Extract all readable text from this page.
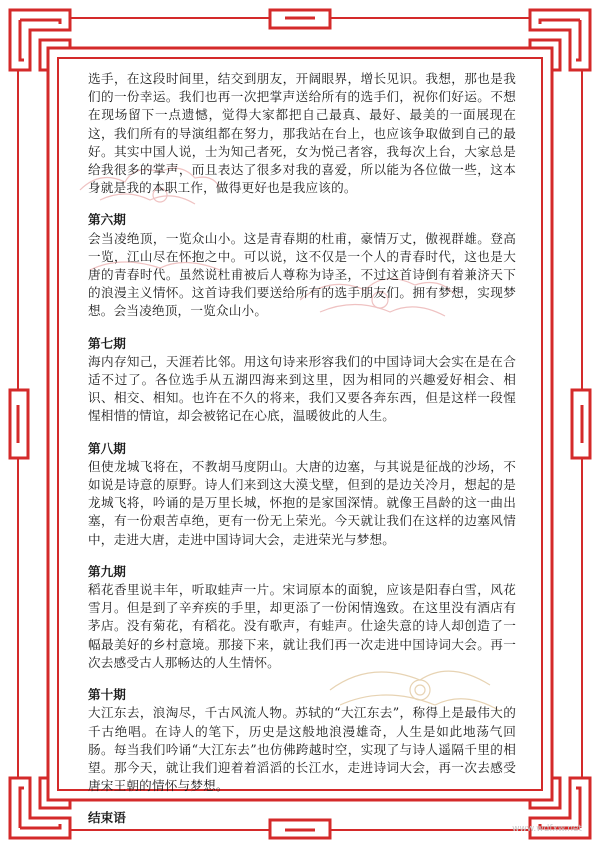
选手，在这段时间里，结交到朋友，开阔眼界，增长见识。我想，那也是我们的一份幸运。我们也再一次把掌声送给所有的选手们，祝你们好运。不想在现场留下一点遗憾，觉得大家都把自己最真、最好、最美的一面展现在这，我们所有的导演组都在努力，那我站在台上，也应该争取做到自己的最好。其实中国人说，士为知己者死，女为悦己者容，我每次上台，大家总是给我很多的掌声，而且表达了很多对我的喜爱，所以能为各位做一些，这本身就是我的本职工作，做得更好也是我应该的。

第六期

会当凌绝顶，一览众山小。这是青春期的杜甫，豪情万丈，傲视群雄。登高一览，江山尽在怀抱之中。可以说，这不仅是一个人的青春时代，这也是大唐的青春时代。虽然说杜甫被后人尊称为诗圣，不过这首诗倒有着兼济天下的浪漫主义情怀。这首诗我们要送给所有的选手朋友们。拥有梦想，实现梦想。会当凌绝顶，一览众山小。

第七期

海内存知己，天涯若比邻。用这句诗来形容我们的中国诗词大会实在是在合适不过了。各位选手从五湖四海来到这里，因为相同的兴趣爱好相会、相识、相交、相知。也许在不久的将来，我们又要各奔东西，但是这样一段惺惺相惜的情谊，却会被铭记在心底，温暖彼此的人生。

第八期

但使龙城飞将在，不教胡马度阴山。大唐的边塞，与其说是征战的沙场，不如说是诗意的原野。诗人们来到这大漠戈壁，但到的是边关冷月，想起的是龙城飞将，吟诵的是万里长城，怀抱的是家国深情。就像王昌龄的这一曲出塞，有一份艰苦卓绝，更有一份无上荣光。今天就让我们在这样的边塞风情中，走进大唐，走进中国诗词大会，走进荣光与梦想。

第九期

稻花香里说丰年，听取蛙声一片。宋词原本的面貌，应该是阳春白雪，风花雪月。但是到了辛弃疾的手里，却更添了一份闲情逸致。在这里没有酒店有茅店。没有菊花，有稻花。没有歌声，有蛙声。仕途失意的诗人却创造了一幅最美好的乡村意境。那接下来，就让我们再一次走进中国诗词大会。再一次去感受古人那畅达的人生情怀。

第十期

大江东去，浪淘尽，千古风流人物。苏轼的“大江东去”，称得上是最伟大的千古绝唱。在诗人的笔下，历史是这般地浪漫雄奇，人生是如此地荡气回肠。每当我们吟诵“大江东去”也仿佛跨越时空，实现了与诗人遥隔千里的相望。那今天，就让我们迎着着滔滔的长江水，走进诗词大会，再一次去感受唐宋王朝的情怀与梦想。

结束语

www.wdfxw.net
